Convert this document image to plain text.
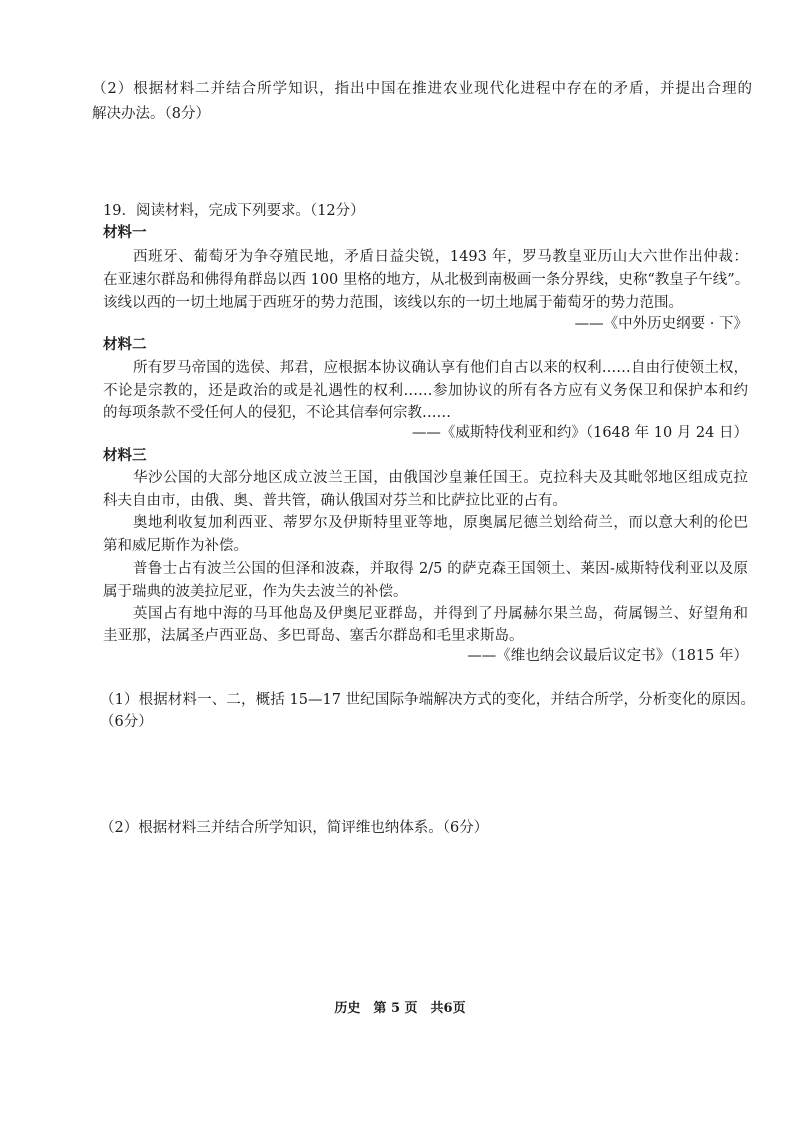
（2）根据材料二并结合所学知识，指出中国在推进农业现代化进程中存在的矛盾，并提出合理的
解决办法。（8分）
19．阅读材料，完成下列要求。（12分）
材料一
西班牙、葡萄牙为争夺殖民地，矛盾日益尖锐，1493 年，罗马教皇亚历山大六世作出仲裁：
在亚速尔群岛和佛得角群岛以西 100 里格的地方，从北极到南极画一条分界线，史称“教皇子午线”。
该线以西的一切土地属于西班牙的势力范围，该线以东的一切土地属于葡萄牙的势力范围。
——《中外历史纲要 · 下》
材料二
所有罗马帝国的选侯、邦君，应根据本协议确认享有他们自古以来的权利……自由行使领土权，
不论是宗教的，还是政治的或是礼遇性的权利……参加协议的所有各方应有义务保卫和保护本和约
的每项条款不受任何人的侵犯，不论其信奉何宗教……
——《威斯特伐利亚和约》（1648 年 10 月 24 日）
材料三
华沙公国的大部分地区成立波兰王国，由俄国沙皇兼任国王。克拉科夫及其毗邻地区组成克拉
科夫自由市，由俄、奥、普共管，确认俄国对芬兰和比萨拉比亚的占有。
奥地利收复加利西亚、蒂罗尔及伊斯特里亚等地，原奥属尼德兰划给荷兰，而以意大利的伦巴
第和威尼斯作为补偿。
普鲁士占有波兰公国的但泽和波森，并取得 2/5 的萨克森王国领土、莱因-威斯特伐利亚以及原
属于瑞典的波美拉尼亚，作为失去波兰的补偿。
英国占有地中海的马耳他岛及伊奥尼亚群岛，并得到了丹属赫尔果兰岛，荷属锡兰、好望角和
圭亚那，法属圣卢西亚岛、多巴哥岛、塞舌尔群岛和毛里求斯岛。
——《维也纳会议最后议定书》（1815 年）
（1）根据材料一、二，概括 15—17 世纪国际争端解决方式的变化，并结合所学，分析变化的原因。
（6分）
（2）根据材料三并结合所学知识，简评维也纳体系。（6分）
历史　第 5 页　共6页
